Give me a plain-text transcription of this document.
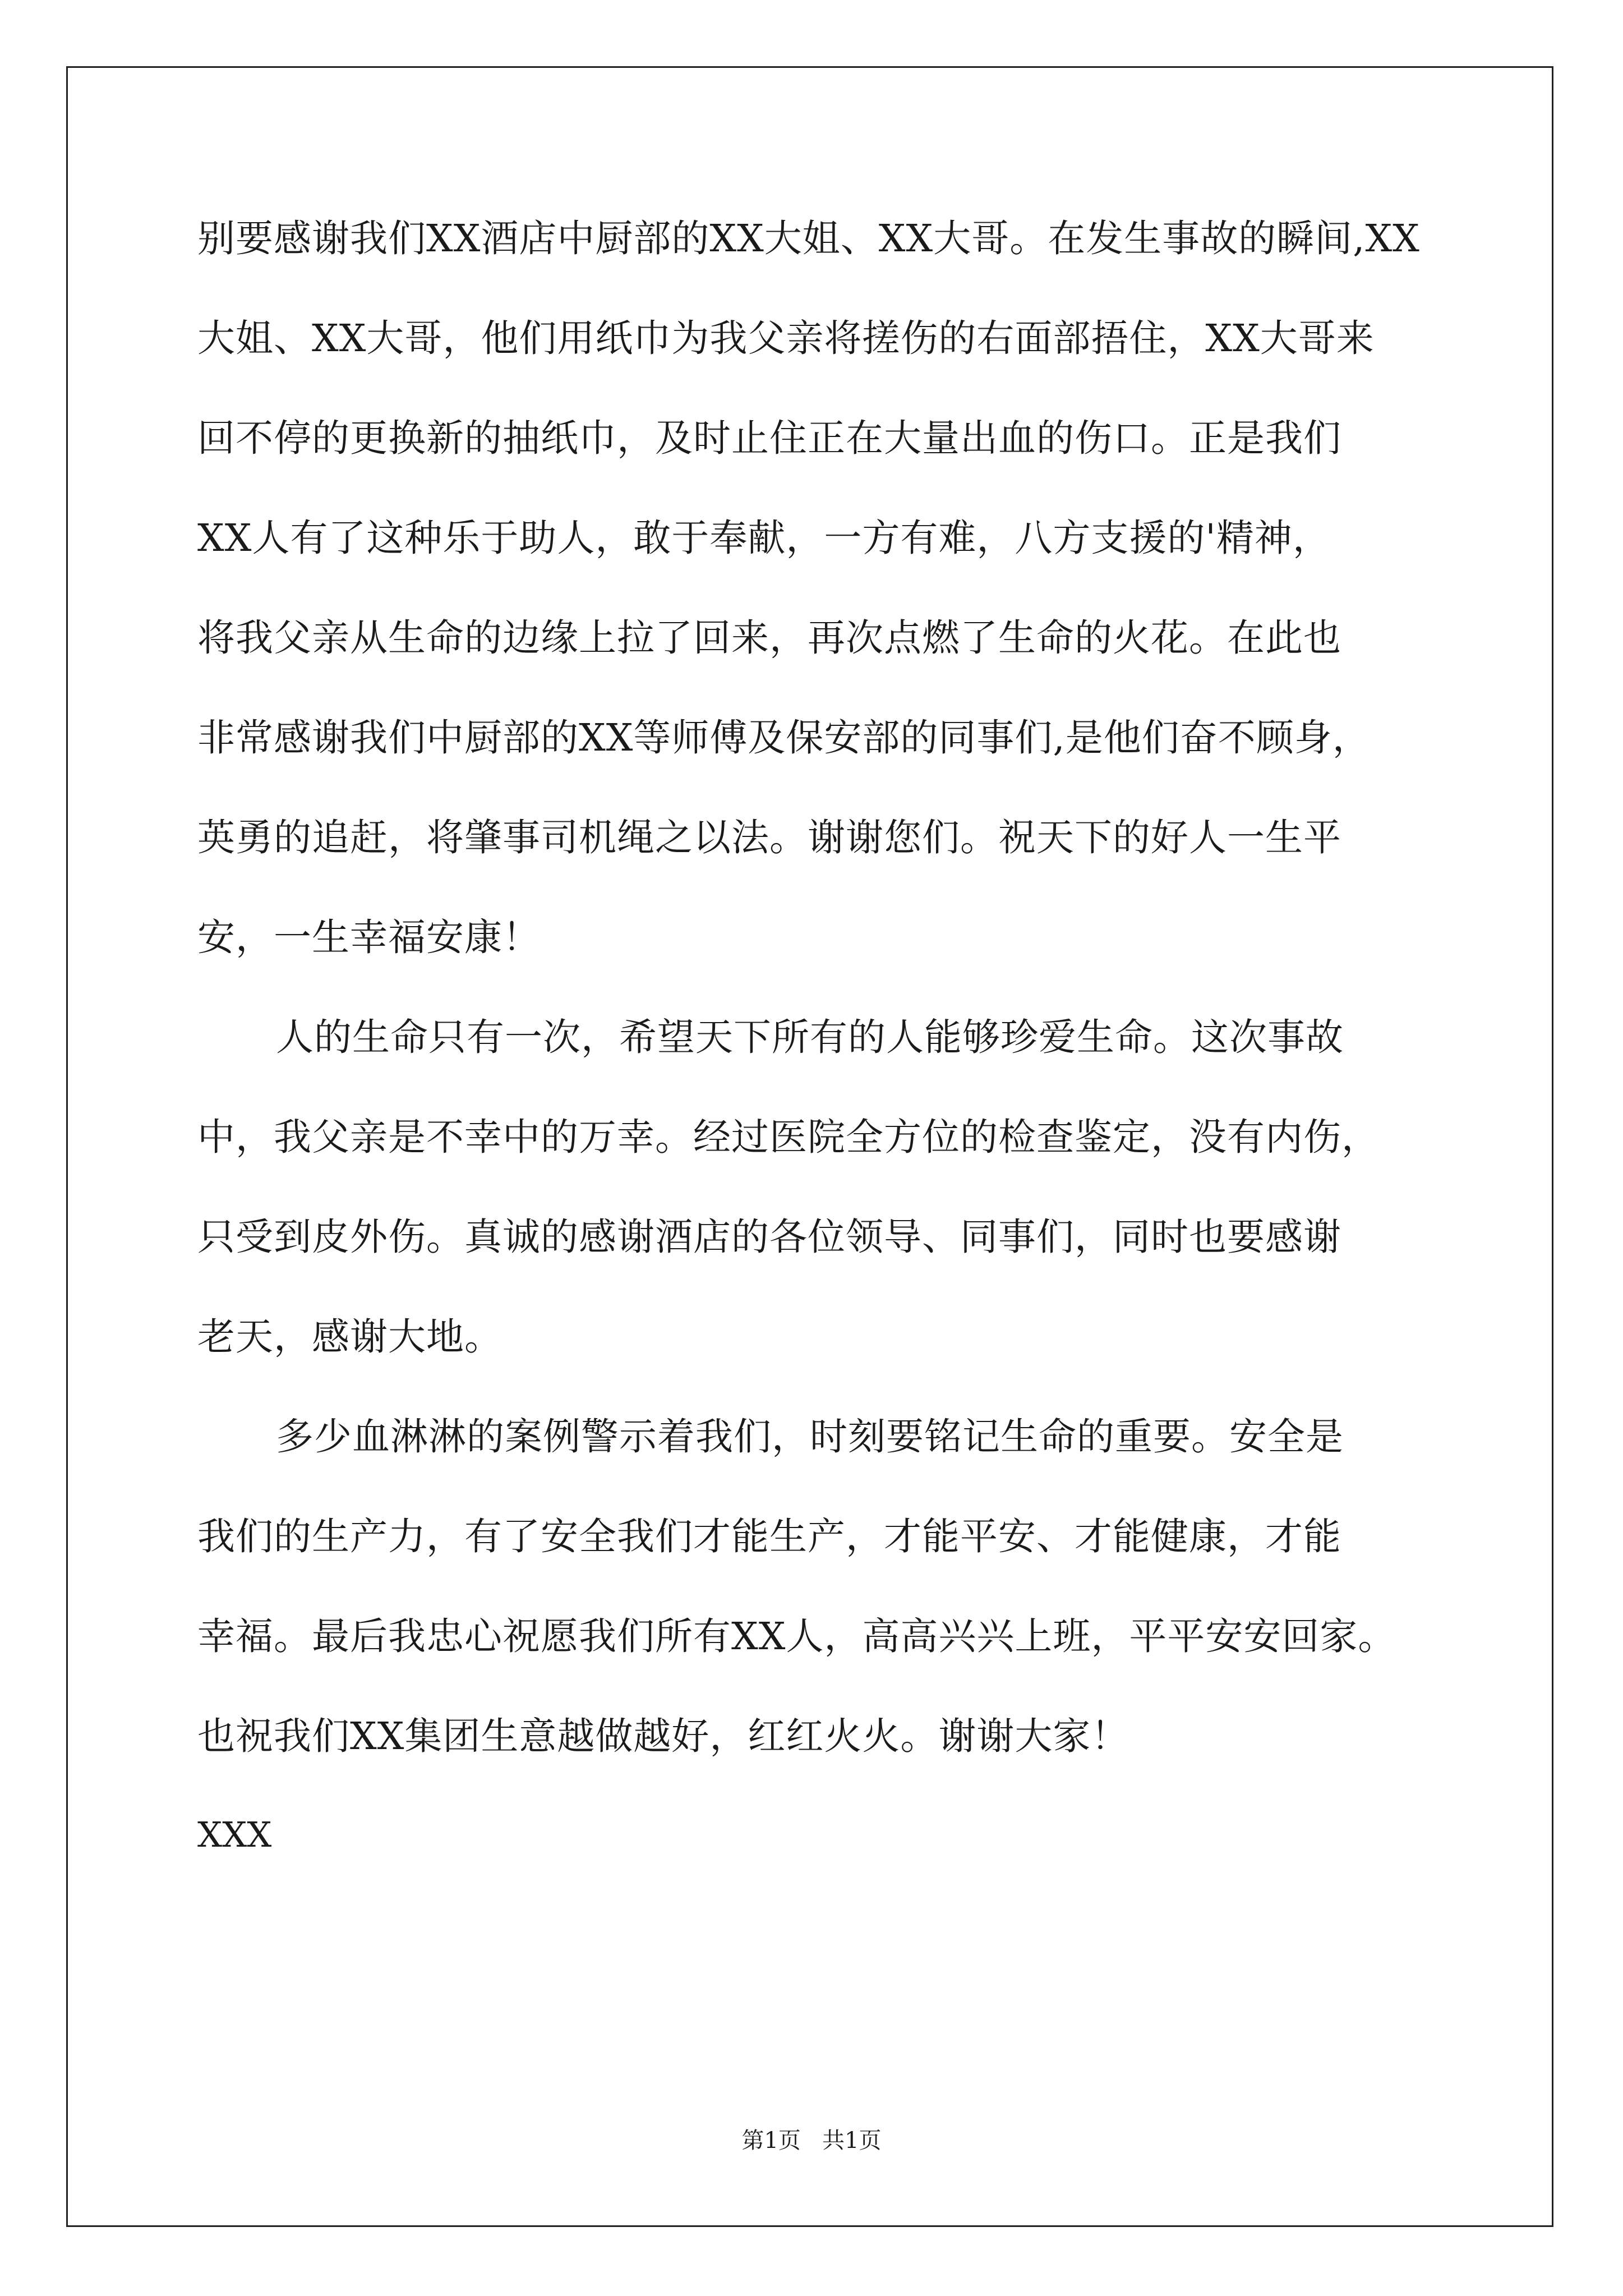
别要感谢我们XX酒店中厨部的XX大姐、XX大哥。在发生事故的瞬间,XX
大姐、XX大哥，他们用纸巾为我父亲将搓伤的右面部捂住，XX大哥来
回不停的更换新的抽纸巾，及时止住正在大量出血的伤口。正是我们
XX人有了这种乐于助人，敢于奉献，一方有难，八方支援的'精神，
将我父亲从生命的边缘上拉了回来，再次点燃了生命的火花。在此也
非常感谢我们中厨部的XX等师傅及保安部的同事们,是他们奋不顾身，
英勇的追赶，将肇事司机绳之以法。谢谢您们。祝天下的好人一生平
安，一生幸福安康！
人的生命只有一次，希望天下所有的人能够珍爱生命。这次事故
中，我父亲是不幸中的万幸。经过医院全方位的检查鉴定，没有内伤，
只受到皮外伤。真诚的感谢酒店的各位领导、同事们，同时也要感谢
老天，感谢大地。
多少血淋淋的案例警示着我们，时刻要铭记生命的重要。安全是
我们的生产力，有了安全我们才能生产，才能平安、才能健康，才能
幸福。最后我忠心祝愿我们所有XX人，高高兴兴上班，平平安安回家。
也祝我们XX集团生意越做越好，红红火火。谢谢大家！
XXX
第1页   共1页
